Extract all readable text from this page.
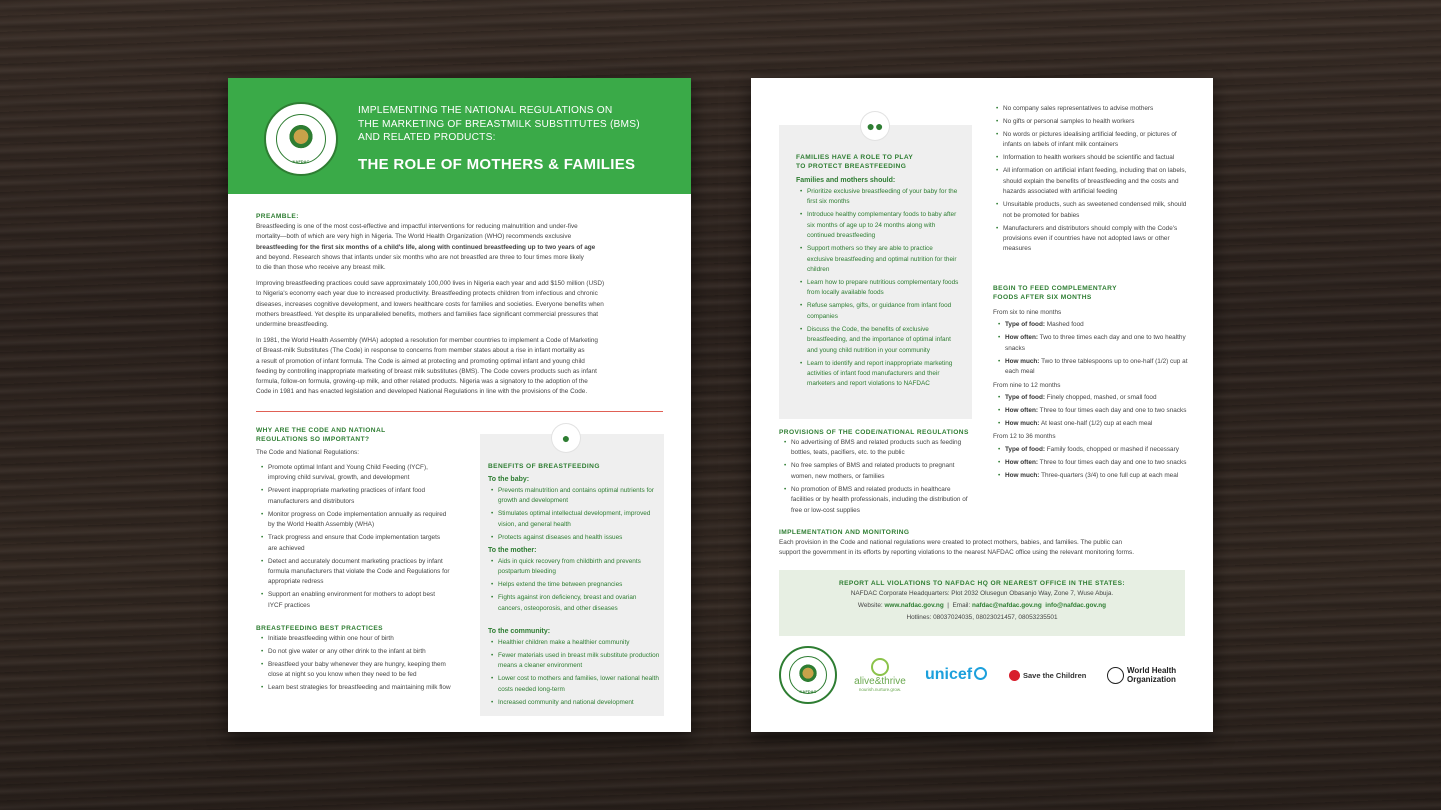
NAFDAC
IMPLEMENTING THE NATIONAL REGULATIONS ON
THE MARKETING OF BREASTMILK SUBSTITUTES (BMS)
AND RELATED PRODUCTS:
THE ROLE OF MOTHERS & FAMILIES
PREAMBLE:
Breastfeeding is one of the most cost-effective and impactful interventions for reducing malnutrition and under-five
mortality—both of which are very high in Nigeria. The World Health Organization (WHO) recommends exclusive
breastfeeding for the first six months of a child's life, along with continued breastfeeding up to two years of age
and beyond. Research shows that infants under six months who are not breastfed are three to four times more likely
to die than those who receive any breast milk.
Improving breastfeeding practices could save approximately 100,000 lives in Nigeria each year and add $150 million (USD)
to Nigeria's economy each year due to increased productivity. Breastfeeding protects children from infectious and chronic
diseases, increases cognitive development, and lowers healthcare costs for families and societies. Everyone benefits when
mothers breastfeed. Yet despite its unparalleled benefits, mothers and families face significant commercial pressures that
undermine breastfeeding.
In 1981, the World Health Assembly (WHA) adopted a resolution for member countries to implement a Code of Marketing
of Breast-milk Substitutes (The Code) in response to concerns from member states about a rise in infant mortality as
a result of promotion of infant formula. The Code is aimed at protecting and promoting optimal infant and young child
feeding by controlling inappropriate marketing of breast milk substitutes (BMS). The Code covers products such as infant
formula, follow-on formula, growing-up milk, and other related products. Nigeria was a signatory to the adoption of the
Code in 1981 and has enacted legislation and developed National Regulations in line with the provisions of the Code.
WHY ARE THE CODE AND NATIONAL
REGULATIONS SO IMPORTANT?
The Code and National Regulations:
• Promote optimal Infant and Young Child Feeding (IYCF), improving child survival, growth, and development
• Prevent inappropriate marketing practices of infant food manufacturers and distributors
• Monitor progress on Code implementation annually as required by the World Health Assembly (WHA)
• Track progress and ensure that Code implementation targets are achieved
• Detect and accurately document marketing practices by infant formula manufacturers that violate the Code and Regulations for appropriate redress
• Support an enabling environment for mothers to adopt best IYCF practices
BREASTFEEDING BEST PRACTICES
• Initiate breastfeeding within one hour of birth
• Do not give water or any other drink to the infant at birth
• Breastfeed your baby whenever they are hungry, keeping them close at night so you know when they need to be fed
• Learn best strategies for breastfeeding and maintaining milk flow
BENEFITS OF BREASTFEEDING
To the baby:
• Prevents malnutrition and contains optimal nutrients for growth and development
• Stimulates optimal intellectual development, improved vision, and general health
• Protects against diseases and health issues
To the mother:
• Aids in quick recovery from childbirth and prevents postpartum bleeding
• Helps extend the time between pregnancies
• Fights against iron deficiency, breast and ovarian cancers, osteoporosis, and other diseases
To the community:
• Healthier children make a healthier community
• Fewer materials used in breast milk substitute production means a cleaner environment
• Lower cost to mothers and families, lower national health costs needed long-term
• Increased community and national development
●
FAMILIES HAVE A ROLE TO PLAY
TO PROTECT BREASTFEEDING
Families and mothers should:
• Prioritize exclusive breastfeeding of your baby for the first six months
• Introduce healthy complementary foods to baby after six months of age up to 24 months along with continued breastfeeding
• Support mothers so they are able to practice exclusive breastfeeding and optimal nutrition for their children
• Learn how to prepare nutritious complementary foods from locally available foods
• Refuse samples, gifts, or guidance from infant food companies
• Discuss the Code, the benefits of exclusive breastfeeding, and the importance of optimal infant and young child nutrition in your community
• Learn to identify and report inappropriate marketing activities of infant food manufacturers and their marketers and report violations to NAFDAC
●●
• No company sales representatives to advise mothers
• No gifts or personal samples to health workers
• No words or pictures idealising artificial feeding, or pictures of infants on labels of infant milk containers
• Information to health workers should be scientific and factual
• All information on artificial infant feeding, including that on labels, should explain the benefits of breastfeeding and the costs and hazards associated with artificial feeding
• Unsuitable products, such as sweetened condensed milk, should not be promoted for babies
• Manufacturers and distributors should comply with the Code's provisions even if countries have not adopted laws or other measures
BEGIN TO FEED COMPLEMENTARY
FOODS AFTER SIX MONTHS
From six to nine months
• Type of food: Mashed food
• How often: Two to three times each day and one to two healthy snacks
• How much: Two to three tablespoons up to one-half (1/2) cup at each meal
From nine to 12 months
• Type of food: Finely chopped, mashed, or small food
• How often: Three to four times each day and one to two snacks
• How much: At least one-half (1/2) cup at each meal
From 12 to 36 months
• Type of food: Family foods, chopped or mashed if necessary
• How often: Three to four times each day and one to two snacks
• How much: Three-quarters (3/4) to one full cup at each meal
PROVISIONS OF THE CODE/NATIONAL REGULATIONS
• No advertising of BMS and related products such as feeding bottles, teats, pacifiers, etc. to the public
• No free samples of BMS and related products to pregnant women, new mothers, or families
• No promotion of BMS and related products in healthcare facilities or by health professionals, including the distribution of free or low-cost supplies
IMPLEMENTATION AND MONITORING
Each provision in the Code and national regulations were created to protect mothers, babies, and families. The public can
support the government in its efforts by reporting violations to the nearest NAFDAC office using the relevant monitoring forms.
REPORT ALL VIOLATIONS TO NAFDAC HQ OR NEAREST OFFICE IN THE STATES:
NAFDAC Corporate Headquarters: Plot 2032 Olusegun Obasanjo Way, Zone 7, Wuse Abuja.
Website: www.nafdac.gov.ng  |  Email: nafdac@nafdac.gov.ng info@nafdac.gov.ng
Hotlines: 08037024035, 08023021457, 08053235501
NAFDAC
alive&thrive
nourish.nurture.grow.
unicef	Save the Children
World Health
Organization
